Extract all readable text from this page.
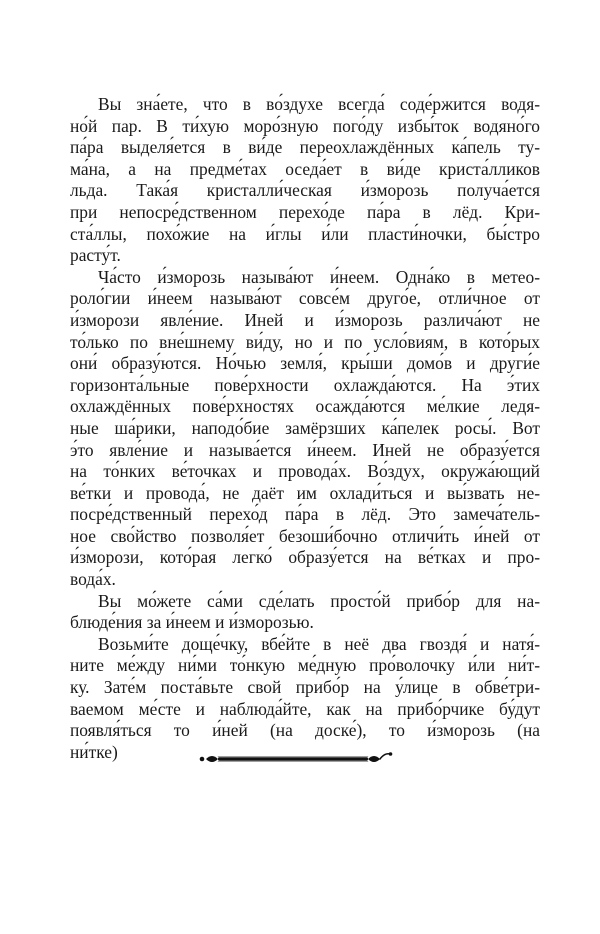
Вы зна́ете, что в во́здухе всегда́ соде́ржится водя-
но́й пар. В ти́хую моро́зную пого́ду избы́ток водяно́го
па́ра выделя́ется в ви́де переохлаждённых ка́пель ту-
ма́на, а на предме́тах оседа́ет в ви́де криста́лликов
льда. Така́я кристалли́ческая и́зморозь получа́ется
при непосре́дственном перехо́де па́ра в лёд. Кри-
ста́ллы, похо́жие на и́глы и́ли пласти́ночки, бы́стро
расту́т.

Ча́сто и́зморозь называ́ют и́неем. Одна́ко в метео-
роло́гии и́неем называ́ют совсе́м друго́е, отли́чное от
и́зморози явле́ние. Иней и и́зморозь различа́ют не
то́лько по вне́шнему ви́ду, но и по усло́виям, в кото́рых
они́ образу́ются. Но́чью земля́, кры́ши домо́в и други́е
горизонта́льные пове́рхности охлажда́ются. На э́тих
охлаждённых пове́рхностях осажда́ются ме́лкие ледя-
ные ша́рики, наподо́бие замёрзших ка́пелек росы́. Вот
э́то явле́ние и называ́ется и́неем. Иней не образу́ется
на то́нких ве́точках и провода́х. Во́здух, окружа́ющий
ве́тки и провода́, не даёт им охлади́ться и вы́звать не-
посре́дственный перехо́д па́ра в лёд. Это замеча́тель-
ное сво́йство позволя́ет безоши́бочно отличи́ть и́ней от
и́зморози, кото́рая легко́ образу́ется на ве́тках и про-
вода́х.

Вы мо́жете са́ми сде́лать просто́й прибо́р для на-
блюде́ния за и́неем и и́зморозью.

Возьми́те доще́чку, вбе́йте в неё два гвоздя́ и натя́-
ните ме́жду ни́ми то́нкую ме́дную про́волочку и́ли ни́т-
ку. Зате́м поста́вьте свой прибо́р на у́лице в обве́три-
ваемом ме́сте и наблюда́йте, как на прибо́рчике бу́дут
появля́ться то и́ней (на доске́), то и́зморозь (на
ни́тке)
